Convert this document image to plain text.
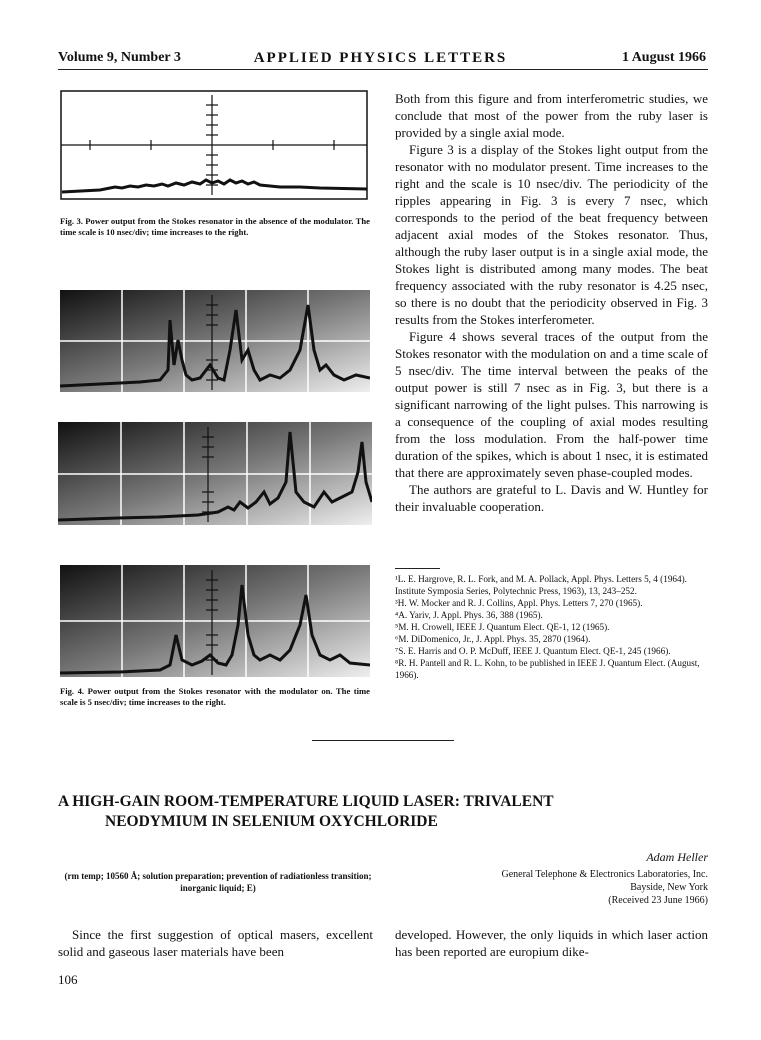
Volume 9, Number 3	APPLIED PHYSICS LETTERS	1 August 1966
Fig. 3. Power output from the Stokes resonator in the absence of the modulator. The time scale is 10 nsec/div; time increases to the right.
Fig. 4. Power output from the Stokes resonator with the modulator on. The time scale is 5 nsec/div; time increases to the right.

Both from this figure and from interferometric studies, we conclude that most of the power from the ruby laser is provided by a single axial mode.

Figure 3 is a display of the Stokes light output from the resonator with no modulator present. Time increases to the right and the scale is 10 nsec/div. The periodicity of the ripples appearing in Fig. 3 is every 7 nsec, which corresponds to the period of the beat frequency between adjacent axial modes of the Stokes resonator. Thus, although the ruby laser output is in a single axial mode, the Stokes light is distributed among many modes. The beat frequency associated with the ruby resonator is 4.25 nsec, so there is no doubt that the periodicity observed in Fig. 3 results from the Stokes interferometer.

Figure 4 shows several traces of the output from the Stokes resonator with the modulation on and a time scale of 5 nsec/div. The time interval between the peaks of the output power is still 7 nsec as in Fig. 3, but there is a significant narrowing of the light pulses. This narrowing is a consequence of the coupling of axial modes resulting from the loss modulation. From the half-power time duration of the spikes, which is about 1 nsec, it is estimated that there are approximately seven phase-coupled modes.

The authors are grateful to L. Davis and W. Huntley for their invaluable cooperation.

¹L. E. Hargrove, R. L. Fork, and M. A. Pollack, Appl. Phys. Letters 5, 4 (1964).
Institute Symposia Series, Polytechnic Press, 1963), 13, 243–252.
³H. W. Mocker and R. J. Collins, Appl. Phys. Letters 7, 270 (1965).
⁴A. Yariv, J. Appl. Phys. 36, 388 (1965).
⁵M. H. Crowell, IEEE J. Quantum Elect. QE-1, 12 (1965).
⁶M. DiDomenico, Jr., J. Appl. Phys. 35, 2870 (1964).
⁷S. E. Harris and O. P. McDuff, IEEE J. Quantum Elect. QE-1, 245 (1966).
⁸R. H. Pantell and R. L. Kohn, to be published in IEEE J. Quantum Elect. (August, 1966).
A HIGH-GAIN ROOM-TEMPERATURE LIQUID LASER: TRIVALENT
NEODYMIUM IN SELENIUM OXYCHLORIDE
(rm temp; 10560 Å; solution preparation; prevention of radiationless transition; inorganic liquid; E)
Adam Heller
General Telephone & Electronics Laboratories, Inc.
Bayside, New York
(Received 23 June 1966)
Since the first suggestion of optical masers, excellent solid and gaseous laser materials have been
developed. However, the only liquids in which laser action has been reported are europium dike-
106
